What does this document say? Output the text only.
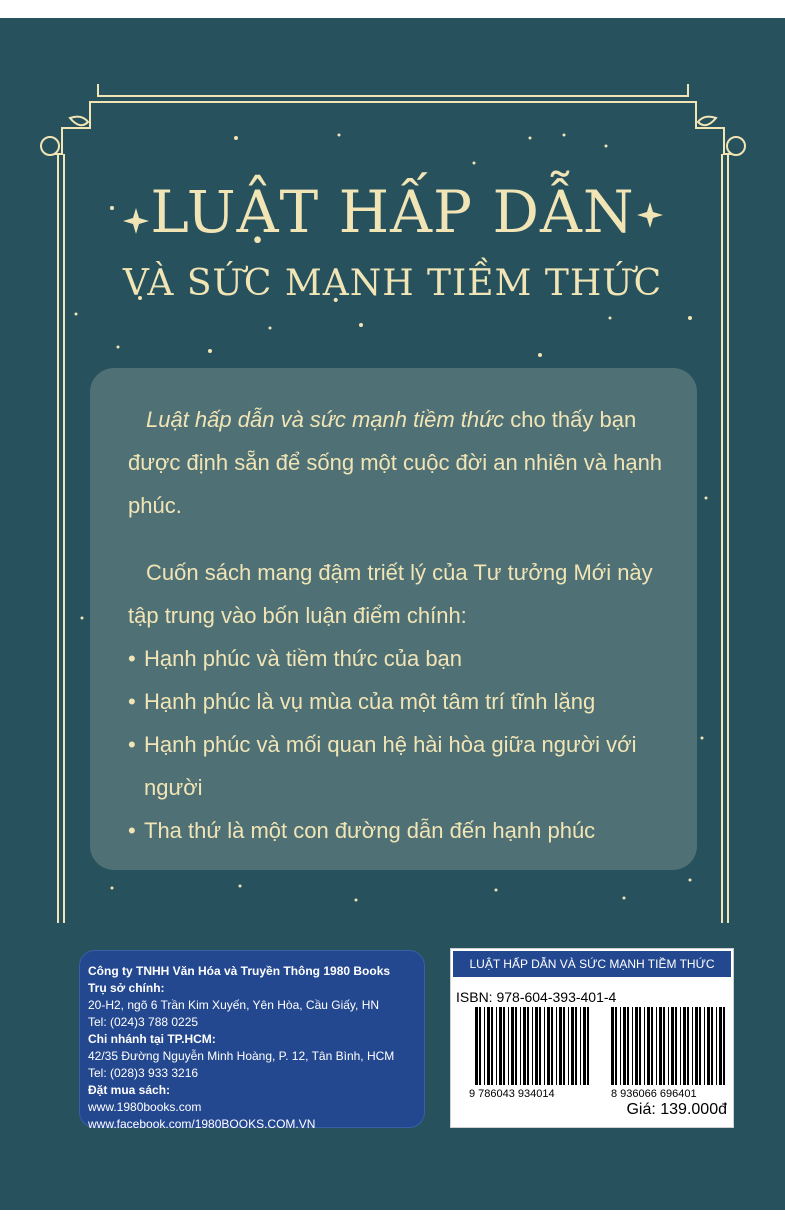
LUẬT HẤP DẪN
VÀ SỨC MẠNH TIỀM THỨC

Luật hấp dẫn và sức mạnh tiềm thức cho thấy bạn được định sẵn để sống một cuộc đời an nhiên và hạnh phúc.

Cuốn sách mang đậm triết lý của Tư tưởng Mới này tập trung vào bốn luận điểm chính:

• Hạnh phúc và tiềm thức của bạn
• Hạnh phúc là vụ mùa của một tâm trí tĩnh lặng
• Hạnh phúc và mối quan hệ hài hòa giữa người với người
• Tha thứ là một con đường dẫn đến hạnh phúc
Công ty TNHH Văn Hóa và Truyền Thông 1980 Books
Trụ sở chính:
20-H2, ngõ 6 Trần Kim Xuyến, Yên Hòa, Cầu Giấy, HN
Tel: (024)3 788 0225
Chi nhánh tại TP.HCM:
42/35 Đường Nguyễn Minh Hoàng, P. 12, Tân Bình, HCM
Tel: (028)3 933 3216
Đặt mua sách:
www.1980books.com
www.facebook.com/1980BOOKS.COM.VN
LUẬT HẤP DẪN VÀ SỨC MẠNH TIỀM THỨC
ISBN: 978-604-393-401-4
9 786043 934014	8 936066 696401
Giá: 139.000đ
